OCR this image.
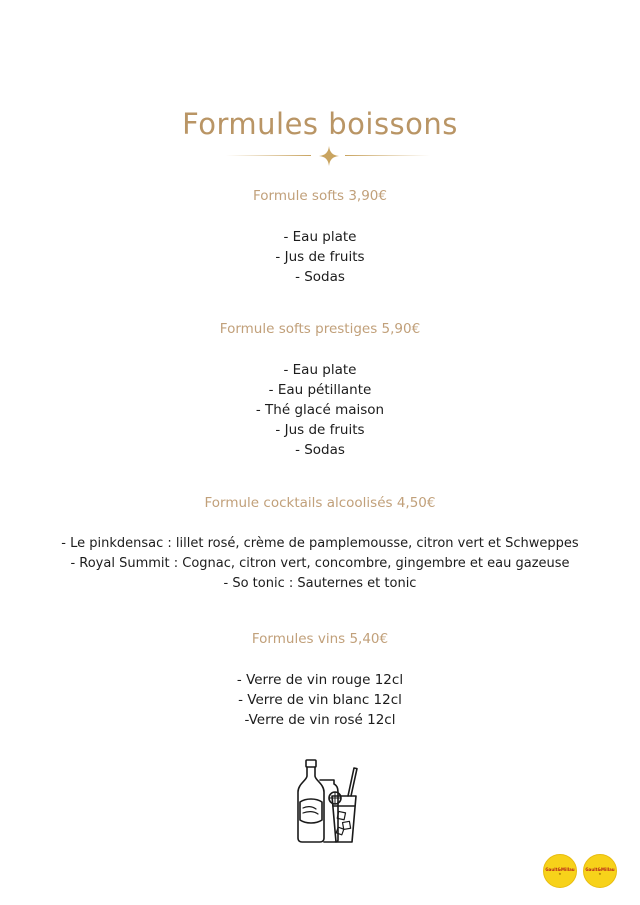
Formules boissons

Formule softs 3,90€

- Eau plate
- Jus de fruits
- Sodas

Formule softs prestiges 5,90€

- Eau plate
- Eau pétillante
- Thé glacé maison
- Jus de fruits
- Sodas

Formule cocktails alcoolisés 4,50€

- Le pinkdensac : lillet rosé, crème de pamplemousse, citron vert et Schweppes
- Royal Summit : Cognac, citron vert, concombre, gingembre et eau gazeuse
- So tonic : Sauternes et tonic

Formules vins 5,40€

- Verre de vin rouge 12cl
- Verre de vin blanc 12cl
-Verre de vin rosé 12cl
Gault&Millau
★
Gault&Millau
★
